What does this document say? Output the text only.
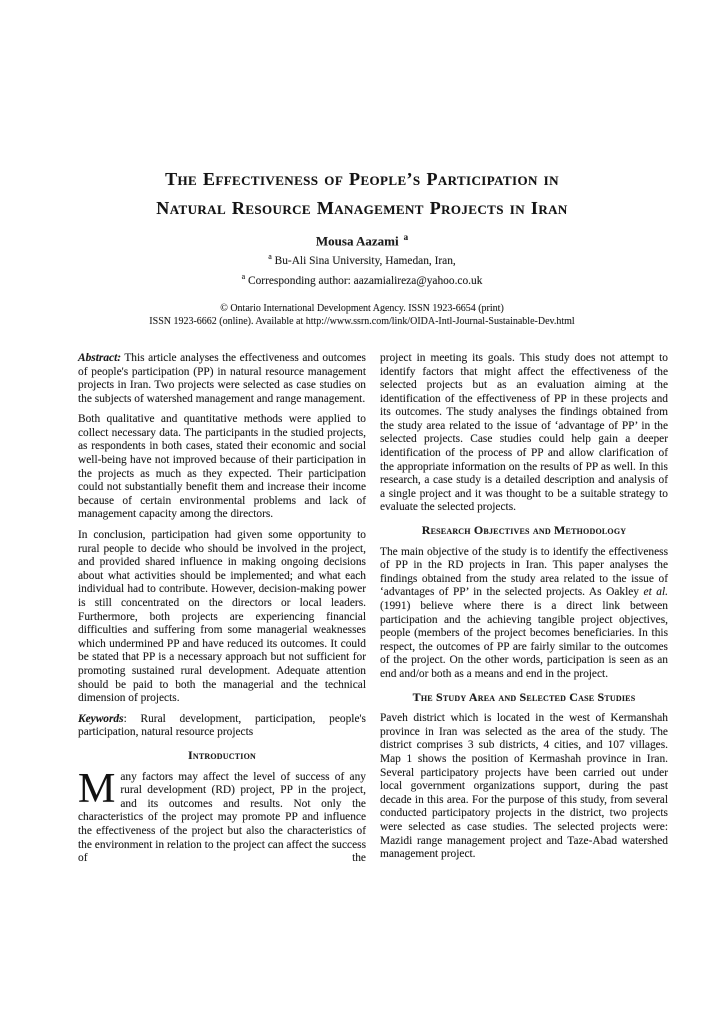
The Effectiveness of People’s Participation in
Natural Resource Management Projects in Iran
Mousa Aazami $^a$
$^a$ Bu-Ali Sina University, Hamedan, Iran,
$^a$ Corresponding author: aazamialireza@yahoo.co.uk
© Ontario International Development Agency. ISSN 1923-6654 (print)
ISSN 1923-6662 (online). Available at http://www.ssrn.com/link/OIDA-Intl-Journal-Sustainable-Dev.html

Abstract: This article analyses the effectiveness and outcomes of people's participation (PP) in natural resource management projects in Iran. Two projects were selected as case studies on the subjects of watershed management and range management.

Both qualitative and quantitative methods were applied to collect necessary data. The participants in the studied projects, as respondents in both cases, stated their economic and social well-being have not improved because of their participation in the projects as much as they expected. Their participation could not substantially benefit them and increase their income because of certain environmental problems and lack of management capacity among the directors.

In conclusion, participation had given some opportunity to rural people to decide who should be involved in the project, and provided shared influence in making ongoing decisions about what activities should be implemented; and what each individual had to contribute. However, decision-making power is still concentrated on the directors or local leaders. Furthermore, both projects are experiencing financial difficulties and suffering from some managerial weaknesses which undermined PP and have reduced its outcomes. It could be stated that PP is a necessary approach but not sufficient for promoting sustained rural development. Adequate attention should be paid to both the managerial and the technical dimension of projects.

Keywords: Rural development, participation, people's participation, natural resource projects

Introduction

Many factors may affect the level of success of any rural development (RD) project, PP in the project, and its outcomes and results. Not only the characteristics of the project may promote PP and influence the effectiveness of the project but also the characteristics of the environment in relation to the project can affect the success of the

project in meeting its goals. This study does not attempt to identify factors that might affect the effectiveness of the selected projects but as an evaluation aiming at the identification of the effectiveness of PP in these projects and its outcomes. The study analyses the findings obtained from the study area related to the issue of ‘advantage of PP’ in the selected projects. Case studies could help gain a deeper identification of the process of PP and allow clarification of the appropriate information on the results of PP as well. In this research, a case study is a detailed description and analysis of a single project and it was thought to be a suitable strategy to evaluate the selected projects.

Research Objectives and Methodology

The main objective of the study is to identify the effectiveness of PP in the RD projects in Iran. This paper analyses the findings obtained from the study area related to the issue of ‘advantages of PP’ in the selected projects. As Oakley et al. (1991) believe where there is a direct link between participation and the achieving tangible project objectives, people (members of the project becomes beneficiaries. In this respect, the outcomes of PP are fairly similar to the outcomes of the project. On the other words, participation is seen as an end and/or both as a means and end in the project.

The Study Area and Selected Case Studies

Paveh district which is located in the west of Kermanshah province in Iran was selected as the area of the study. The district comprises 3 sub districts, 4 cities, and 107 villages. Map 1 shows the position of Kermashah province in Iran. Several participatory projects have been carried out under local government organizations support, during the past decade in this area. For the purpose of this study, from several conducted participatory projects in the district, two projects were selected as case studies. The selected projects were: Mazidi range management project and Taze-Abad watershed management project.
